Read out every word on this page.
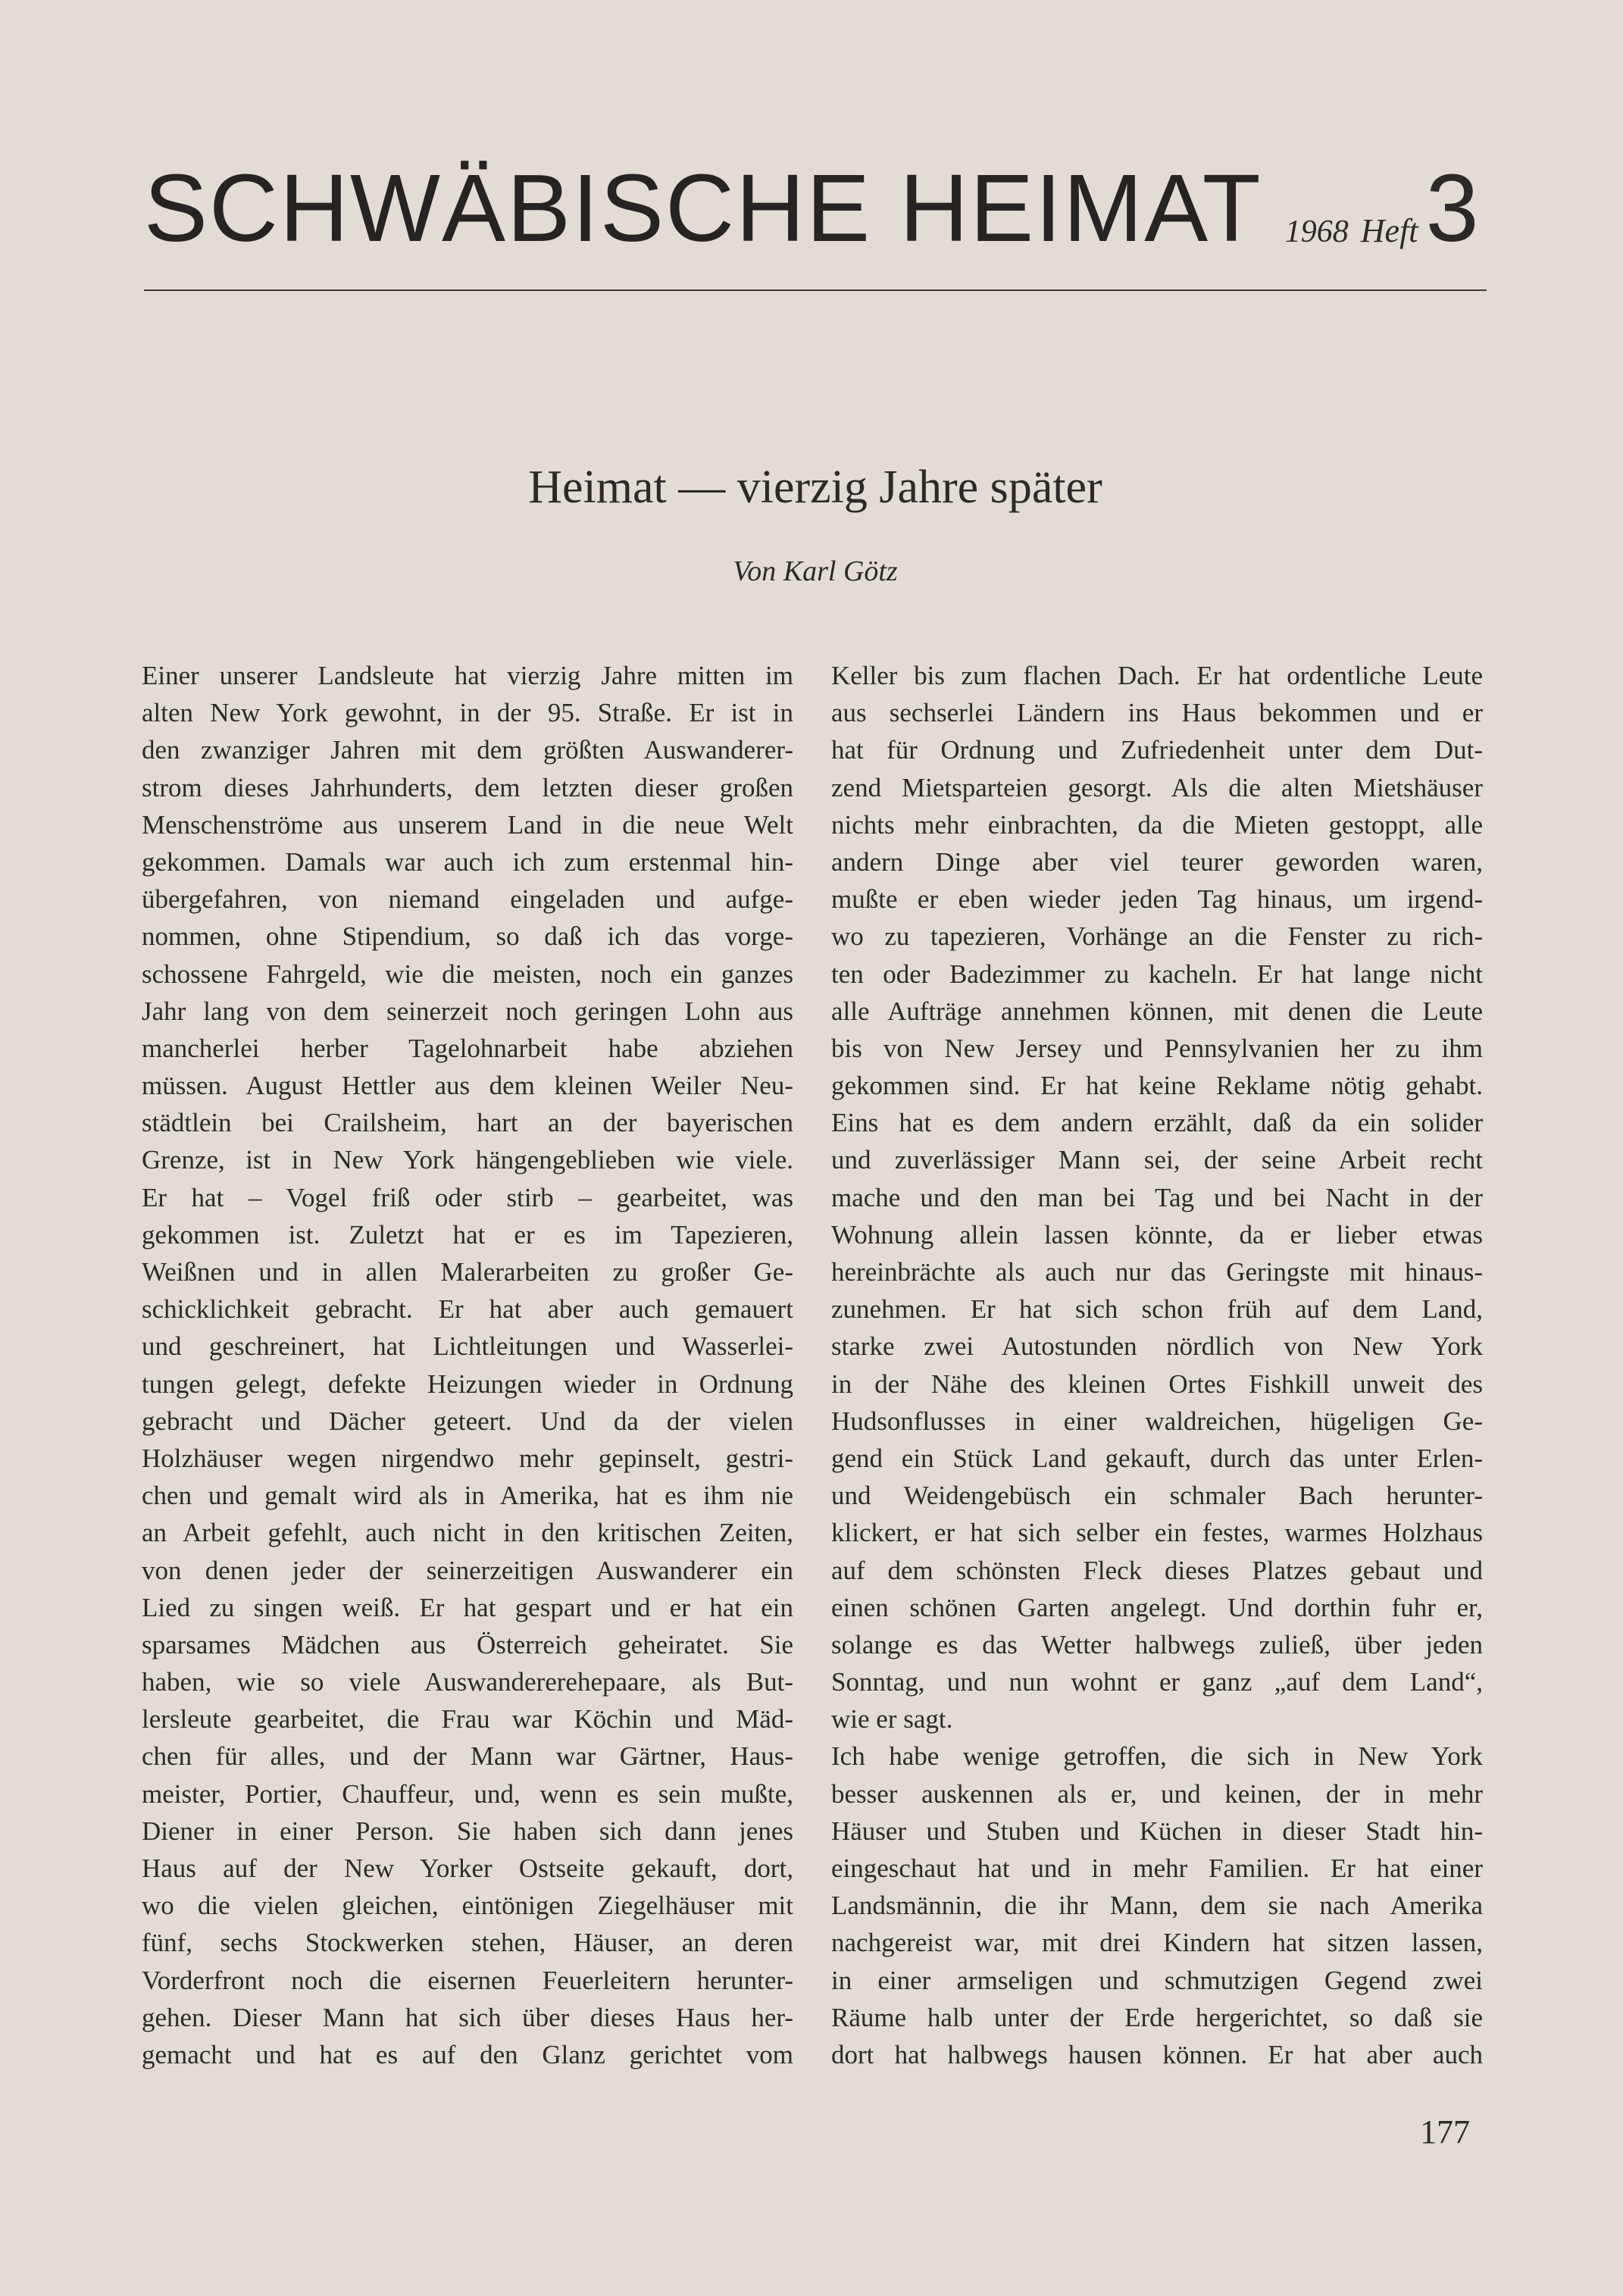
SCHWÄBISCHE HEIMAT 1968 Heft 3
Heimat — vierzig Jahre später
Von Karl Götz
Einer unserer Landsleute hat vierzig Jahre mitten im
alten New York gewohnt, in der 95. Straße. Er ist in
den zwanziger Jahren mit dem größten Auswanderer-
strom dieses Jahrhunderts, dem letzten dieser großen
Menschenströme aus unserem Land in die neue Welt
gekommen. Damals war auch ich zum erstenmal hin-
übergefahren, von niemand eingeladen und aufge-
nommen, ohne Stipendium, so daß ich das vorge-
schossene Fahrgeld, wie die meisten, noch ein ganzes
Jahr lang von dem seinerzeit noch geringen Lohn aus
mancherlei herber Tagelohnarbeit habe abziehen
müssen. August Hettler aus dem kleinen Weiler Neu-
städtlein bei Crailsheim, hart an der bayerischen
Grenze, ist in New York hängengeblieben wie viele.
Er hat – Vogel friß oder stirb – gearbeitet, was
gekommen ist. Zuletzt hat er es im Tapezieren,
Weißnen und in allen Malerarbeiten zu großer Ge-
schicklichkeit gebracht. Er hat aber auch gemauert
und geschreinert, hat Lichtleitungen und Wasserlei-
tungen gelegt, defekte Heizungen wieder in Ordnung
gebracht und Dächer geteert. Und da der vielen
Holzhäuser wegen nirgendwo mehr gepinselt, gestri-
chen und gemalt wird als in Amerika, hat es ihm nie
an Arbeit gefehlt, auch nicht in den kritischen Zeiten,
von denen jeder der seinerzeitigen Auswanderer ein
Lied zu singen weiß. Er hat gespart und er hat ein
sparsames Mädchen aus Österreich geheiratet. Sie
haben, wie so viele Auswandererehepaare, als But-
lersleute gearbeitet, die Frau war Köchin und Mäd-
chen für alles, und der Mann war Gärtner, Haus-
meister, Portier, Chauffeur, und, wenn es sein mußte,
Diener in einer Person. Sie haben sich dann jenes
Haus auf der New Yorker Ostseite gekauft, dort,
wo die vielen gleichen, eintönigen Ziegelhäuser mit
fünf, sechs Stockwerken stehen, Häuser, an deren
Vorderfront noch die eisernen Feuerleitern herunter-
gehen. Dieser Mann hat sich über dieses Haus her-
gemacht und hat es auf den Glanz gerichtet vom
Keller bis zum flachen Dach. Er hat ordentliche Leute
aus sechserlei Ländern ins Haus bekommen und er
hat für Ordnung und Zufriedenheit unter dem Dut-
zend Mietsparteien gesorgt. Als die alten Mietshäuser
nichts mehr einbrachten, da die Mieten gestoppt, alle
andern Dinge aber viel teurer geworden waren,
mußte er eben wieder jeden Tag hinaus, um irgend-
wo zu tapezieren, Vorhänge an die Fenster zu rich-
ten oder Badezimmer zu kacheln. Er hat lange nicht
alle Aufträge annehmen können, mit denen die Leute
bis von New Jersey und Pennsylvanien her zu ihm
gekommen sind. Er hat keine Reklame nötig gehabt.
Eins hat es dem andern erzählt, daß da ein solider
und zuverlässiger Mann sei, der seine Arbeit recht
mache und den man bei Tag und bei Nacht in der
Wohnung allein lassen könnte, da er lieber etwas
hereinbrächte als auch nur das Geringste mit hinaus-
zunehmen. Er hat sich schon früh auf dem Land,
starke zwei Autostunden nördlich von New York
in der Nähe des kleinen Ortes Fishkill unweit des
Hudsonflusses in einer waldreichen, hügeligen Ge-
gend ein Stück Land gekauft, durch das unter Erlen-
und Weidengebüsch ein schmaler Bach herunter-
klickert, er hat sich selber ein festes, warmes Holzhaus
auf dem schönsten Fleck dieses Platzes gebaut und
einen schönen Garten angelegt. Und dorthin fuhr er,
solange es das Wetter halbwegs zuließ, über jeden
Sonntag, und nun wohnt er ganz „auf dem Land“,
wie er sagt.
Ich habe wenige getroffen, die sich in New York
besser auskennen als er, und keinen, der in mehr
Häuser und Stuben und Küchen in dieser Stadt hin-
eingeschaut hat und in mehr Familien. Er hat einer
Landsmännin, die ihr Mann, dem sie nach Amerika
nachgereist war, mit drei Kindern hat sitzen lassen,
in einer armseligen und schmutzigen Gegend zwei
Räume halb unter der Erde hergerichtet, so daß sie
dort hat halbwegs hausen können. Er hat aber auch
177
